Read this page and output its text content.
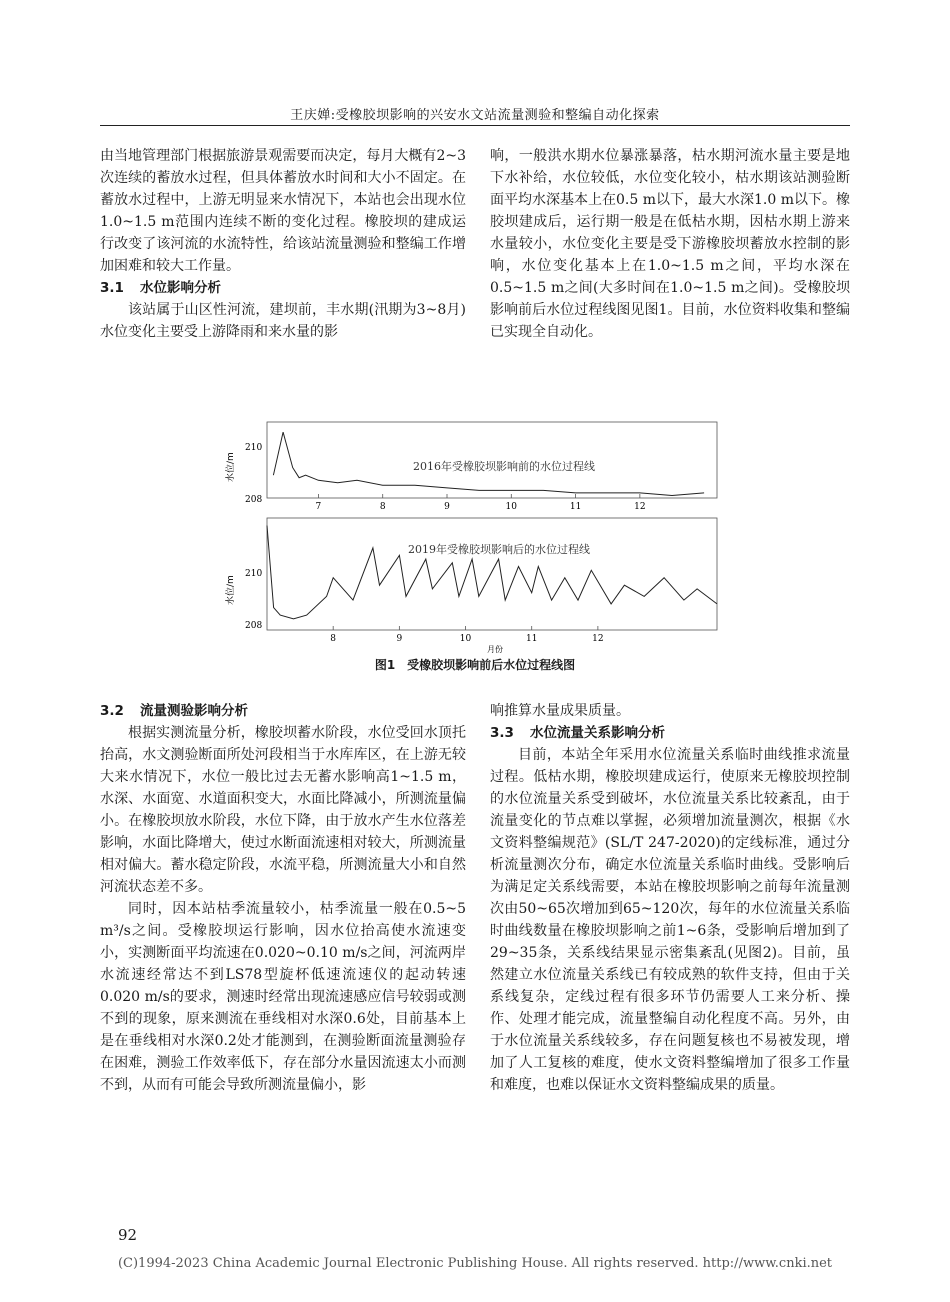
王庆婵:受橡胶坝影响的兴安水文站流量测验和整编自动化探索

由当地管理部门根据旅游景观需要而决定，每月大概有2~3次连续的蓄放水过程，但具体蓄放水时间和大小不固定。在蓄放水过程中，上游无明显来水情况下，本站也会出现水位1.0~1.5 m范围内连续不断的变化过程。橡胶坝的建成运行改变了该河流的水流特性，给该站流量测验和整编工作增加困难和较大工作量。

3.1 水位影响分析

该站属于山区性河流，建坝前，丰水期(汛期为3~8月)水位变化主要受上游降雨和来水量的影

响，一般洪水期水位暴涨暴落，枯水期河流水量主要是地下水补给，水位较低，水位变化较小，枯水期该站测验断面平均水深基本上在0.5 m以下，最大水深1.0 m以下。橡胶坝建成后，运行期一般是在低枯水期，因枯水期上游来水量较小，水位变化主要是受下游橡胶坝蓄放水控制的影响，水位变化基本上在1.0~1.5 m之间，平均水深在0.5~1.5 m之间(大多时间在1.0~1.5 m之间)。受橡胶坝影响前后水位过程线图见图1。目前，水位资料收集和整编已实现全自动化。

水位/m
210
208
7	8	9	10	11	12
2016年受橡胶坝影响前的水位过程线
水位/m
210
208
8	9	10	11	12
2019年受橡胶坝影响后的水位过程线
月份
图1　受橡胶坝影响前后水位过程线图

3.2 流量测验影响分析

根据实测流量分析，橡胶坝蓄水阶段，水位受回水顶托抬高，水文测验断面所处河段相当于水库库区，在上游无较大来水情况下，水位一般比过去无蓄水影响高1~1.5 m，水深、水面宽、水道面积变大，水面比降减小，所测流量偏小。在橡胶坝放水阶段，水位下降，由于放水产生水位落差影响，水面比降增大，使过水断面流速相对较大，所测流量相对偏大。蓄水稳定阶段，水流平稳，所测流量大小和自然河流状态差不多。

同时，因本站枯季流量较小，枯季流量一般在0.5~5 m³/s之间。受橡胶坝运行影响，因水位抬高使水流速变小，实测断面平均流速在0.020~0.10 m/s之间，河流两岸水流速经常达不到LS78型旋杯低速流速仪的起动转速0.020 m/s的要求，测速时经常出现流速感应信号较弱或测不到的现象，原来测流在垂线相对水深0.6处，目前基本上是在垂线相对水深0.2处才能测到，在测验断面流量测验存在困难，测验工作效率低下，存在部分水量因流速太小而测不到，从而有可能会导致所测流量偏小，影

响推算水量成果质量。

3.3 水位流量关系影响分析

目前，本站全年采用水位流量关系临时曲线推求流量过程。低枯水期，橡胶坝建成运行，使原来无橡胶坝控制的水位流量关系受到破坏，水位流量关系比较紊乱，由于流量变化的节点难以掌握，必须增加流量测次，根据《水文资料整编规范》(SL/T 247-2020)的定线标准，通过分析流量测次分布，确定水位流量关系临时曲线。受影响后为满足定关系线需要，本站在橡胶坝影响之前每年流量测次由50~65次增加到65~120次，每年的水位流量关系临时曲线数量在橡胶坝影响之前1~6条，受影响后增加到了29~35条，关系线结果显示密集紊乱(见图2)。目前，虽然建立水位流量关系线已有较成熟的软件支持，但由于关系线复杂，定线过程有很多环节仍需要人工来分析、操作、处理才能完成，流量整编自动化程度不高。另外，由于水位流量关系线较多，存在问题复核也不易被发现，增加了人工复核的难度，使水文资料整编增加了很多工作量和难度，也难以保证水文资料整编成果的质量。

92
(C)1994-2023 China Academic Journal Electronic Publishing House. All rights reserved. http://www.cnki.net
